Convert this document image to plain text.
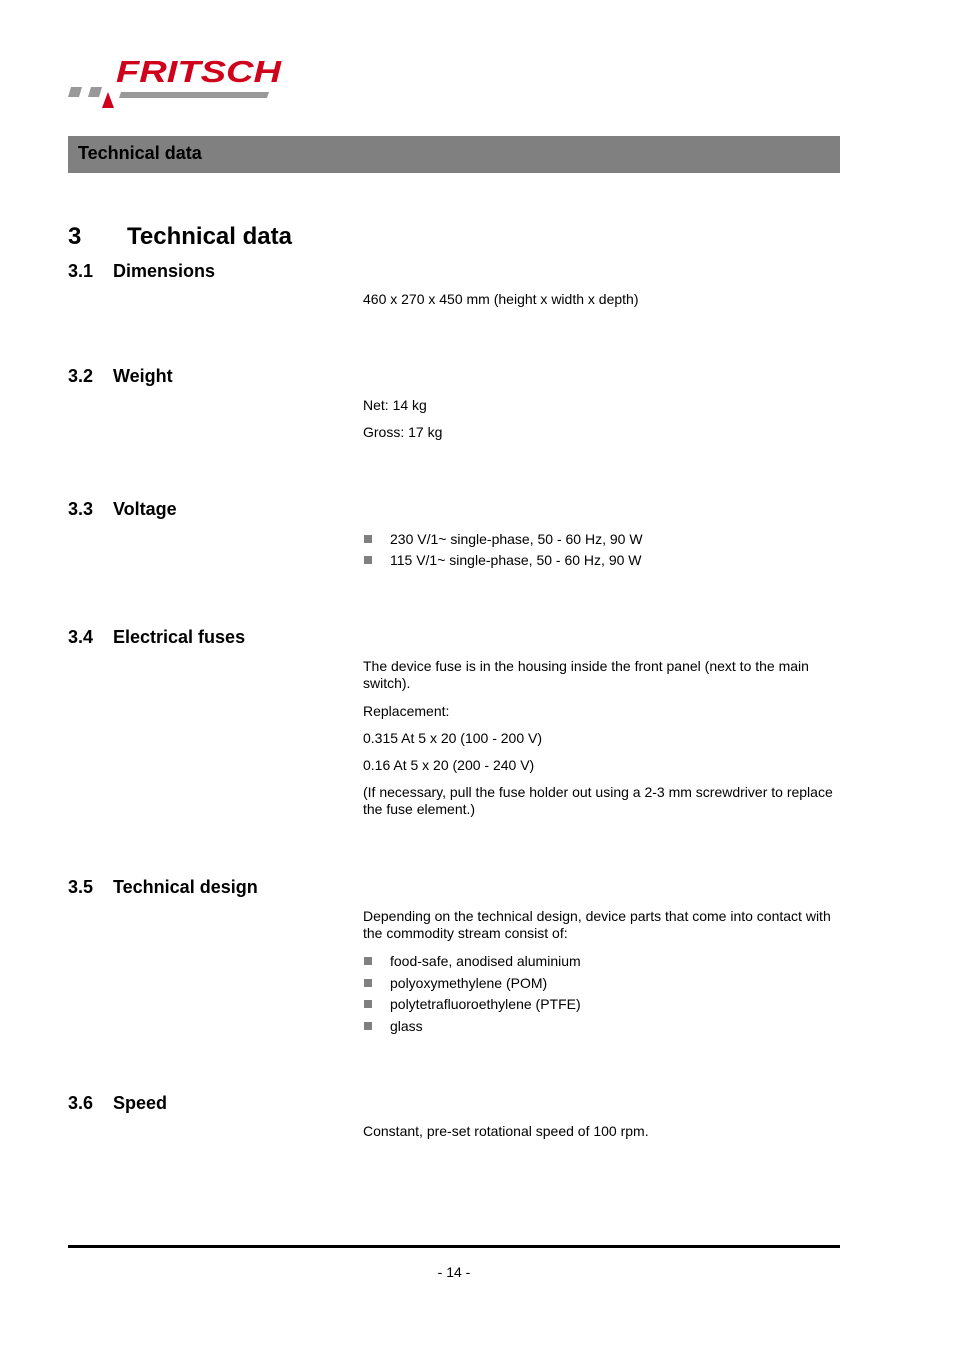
FRITSCH
Technical data
3 Technical data
3.1 Dimensions
460 x 270 x 450 mm (height x width x depth)
3.2 Weight
Net: 14 kg
Gross: 17 kg
3.3 Voltage
230 V/1~ single-phase, 50 - 60 Hz, 90 W
115 V/1~ single-phase, 50 - 60 Hz, 90 W
3.4 Electrical fuses
The device fuse is in the housing inside the front panel (next to the main switch).
Replacement:
0.315 At 5 x 20 (100 - 200 V)
0.16 At 5 x 20 (200 - 240 V)
(If necessary, pull the fuse holder out using a 2-3 mm screwdriver to replace the fuse element.)
3.5 Technical design
Depending on the technical design, device parts that come into contact with the commodity stream consist of:
food-safe, anodised aluminium
polyoxymethylene (POM)
polytetrafluoroethylene (PTFE)
glass
3.6 Speed
Constant, pre-set rotational speed of 100 rpm.
- 14 -
